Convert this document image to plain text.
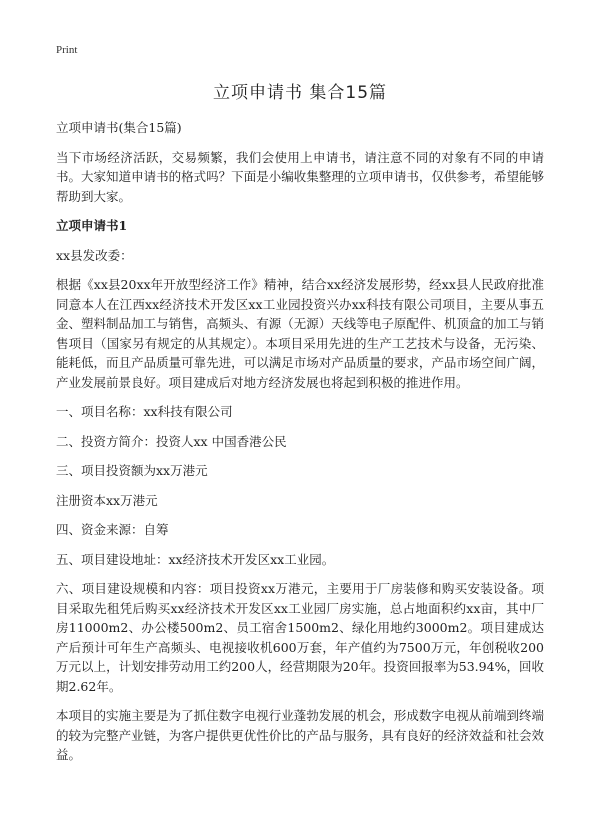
Print
立项申请书 集合15篇

立项申请书(集合15篇)

当下市场经济活跃，交易频繁，我们会使用上申请书，请注意不同的对象有不同的申请书。大家知道申请书的格式吗？下面是小编收集整理的立项申请书，仅供参考，希望能够帮助到大家。

立项申请书1

xx县发改委：

根据《xx县20xx年开放型经济工作》精神，结合xx经济发展形势，经xx县人民政府批准同意本人在江西xx经济技术开发区xx工业园投资兴办xx科技有限公司项目，主要从事五金、塑料制品加工与销售，高频头、有源（无源）天线等电子原配件、机顶盒的加工与销售项目（国家另有规定的从其规定）。本项目采用先进的生产工艺技术与设备，无污染、能耗低，而且产品质量可靠先进，可以满足市场对产品质量的要求，产品市场空间广阔，产业发展前景良好。项目建成后对地方经济发展也将起到积极的推进作用。

一、项目名称：xx科技有限公司

二、投资方简介：投资人xx 中国香港公民

三、项目投资额为xx万港元

注册资本xx万港元

四、资金来源：自筹

五、项目建设地址：xx经济技术开发区xx工业园。

六、项目建设规模和内容：项目投资xx万港元，主要用于厂房装修和购买安装设备。项目采取先租凭后购买xx经济技术开发区xx工业园厂房实施，总占地面积约xx亩，其中厂房11000m2、办公楼500m2、员工宿舍1500m2、绿化用地约3000m2。项目建成达产后预计可年生产高频头、电视接收机600万套，年产值约为7500万元，年创税收200万元以上，计划安排劳动用工约200人，经营期限为20年。投资回报率为53.94%，回收期2.62年。

本项目的实施主要是为了抓住数字电视行业蓬勃发展的机会，形成数字电视从前端到终端的较为完整产业链，为客户提供更优性价比的产品与服务，具有良好的经济效益和社会效益。
